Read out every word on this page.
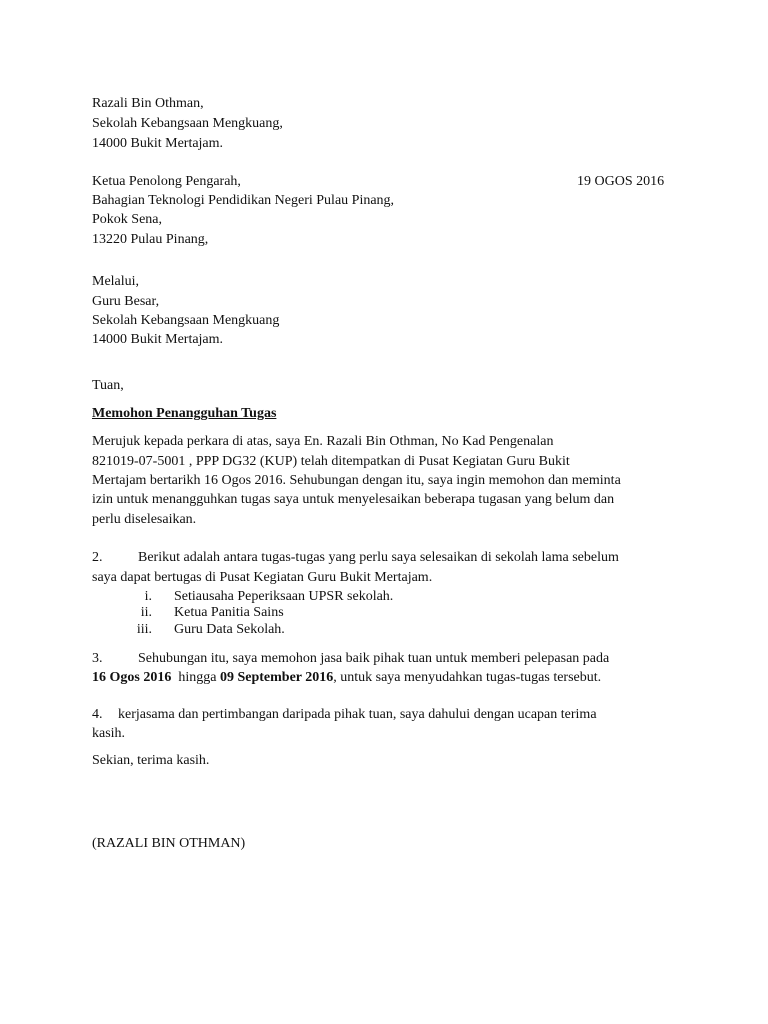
Razali Bin Othman,
Sekolah Kebangsaan Mengkuang,
14000 Bukit Mertajam.
Ketua Penolong Pengarah,	19 OGOS 2016
Bahagian Teknologi Pendidikan Negeri Pulau Pinang,
Pokok Sena,
13220 Pulau Pinang,
Melalui,
Guru Besar,
Sekolah Kebangsaan Mengkuang
14000 Bukit Mertajam.
Tuan,
Memohon Penangguhan Tugas
Merujuk kepada perkara di atas, saya En. Razali Bin Othman, No Kad Pengenalan
821019-07-5001 , PPP DG32 (KUP) telah ditempatkan di Pusat Kegiatan Guru Bukit
Mertajam bertarikh 16 Ogos 2016. Sehubungan dengan itu, saya ingin memohon dan meminta
izin untuk menangguhkan tugas saya untuk menyelesaikan beberapa tugasan yang belum dan
perlu diselesaikan.
2.	Berikut adalah antara tugas-tugas yang perlu saya selesaikan di sekolah lama sebelum
saya dapat bertugas di Pusat Kegiatan Guru Bukit Mertajam.
i. Setiausaha Peperiksaan UPSR sekolah.
ii. Ketua Panitia Sains
iii. Guru Data Sekolah.
3.	Sehubungan itu, saya memohon jasa baik pihak tuan untuk memberi pelepasan pada
16 Ogos 2016  hingga 09 September 2016, untuk saya menyudahkan tugas-tugas tersebut.
4. kerjasama dan pertimbangan daripada pihak tuan, saya dahului dengan ucapan terima
kasih.
Sekian, terima kasih.
(RAZALI BIN OTHMAN)
